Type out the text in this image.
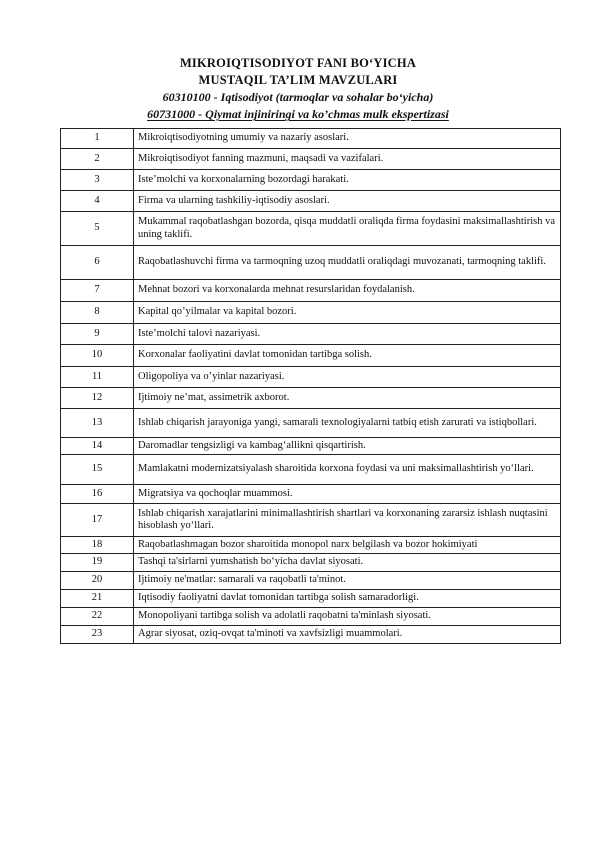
MIKROIQTISODIYOT FANI BO‘YICHA
MUSTAQIL TA’LIM MAVZULARI
60310100 - Iqtisodiyot (tarmoqlar va sohalar bo‘yicha)
60731000 - Qiymat injiniringi va ko’chmas mulk ekspertizasi
1	Mikroiqtisodiyotning umumiy va nazariy asoslari.
2	Mikroiqtisodiyot fanning mazmuni, maqsadi va vazifalari.
3	Iste’molchi va korxonalarning bozordagi harakati.
4	Firma va ularning tashkiliy-iqtisodiy asoslari.
5	Mukammal raqobatlashgan bozorda, qisqa muddatli oraliqda firma foydasini maksimallashtirish va uning taklifi.
6	Raqobatlashuvchi firma va tarmoqning uzoq muddatli oraliqdagi muvozanati, tarmoqning taklifi.
7	Mehnat bozori va korxonalarda mehnat resurslaridan foydalanish.
8	Kapital qo’yilmalar va kapital bozori.
9	Iste’molchi talovi nazariyasi.
10	Korxonalar faoliyatini davlat tomonidan tartibga solish.
11	Oligopoliya va o’yinlar nazariyasi.
12	Ijtimoiy ne’mat, assimetrik axborot.
13	Ishlab chiqarish jarayoniga yangi, samarali texnologiyalarni tatbiq etish zarurati va istiqbollari.
14	Daromadlar tengsizligi va kambag‘allikni qisqartirish.
15	Mamlakatni modernizatsiyalash sharoitida korxona foydasi va uni maksimallashtirish yo‘llari.
16	Migratsiya va qochoqlar muammosi.
17	Ishlab chiqarish xarajatlarini minimallashtirish shartlari va korxonaning zararsiz ishlash nuqtasini hisoblash yo‘llari.
18	Raqobatlashmagan bozor sharoitida monopol narx belgilash va bozor hokimiyati
19	Tashqi ta'sirlarni yumshatish bo‘yicha davlat siyosati.
20	Ijtimoiy ne'matlar: samarali va raqobatli ta'minot.
21	Iqtisodiy faoliyatni davlat tomonidan tartibga solish samaradorligi.
22	Monopoliyani tartibga solish va adolatli raqobatni ta'minlash siyosati.
23	Agrar siyosat, oziq-ovqat ta'minoti va xavfsizligi muammolari.
